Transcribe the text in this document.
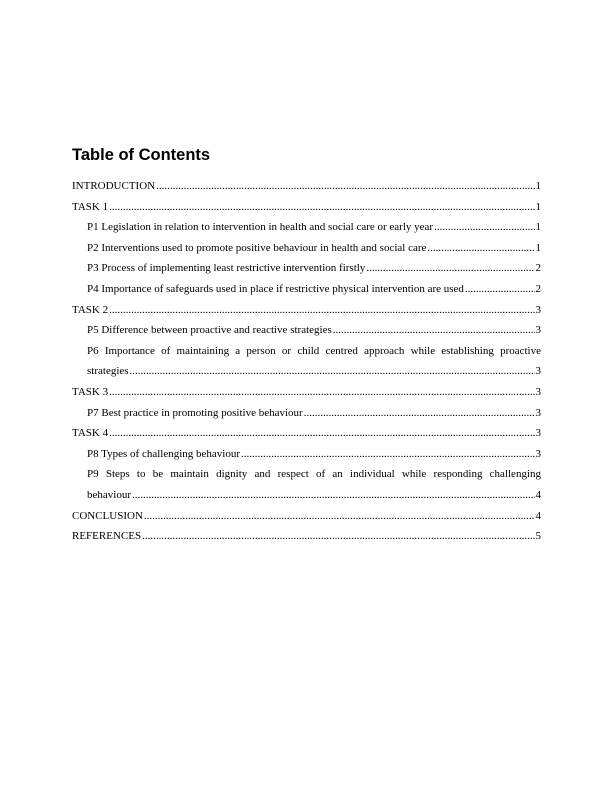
Table of Contents
INTRODUCTION .....	1
TASK 1 .....	1
P1 Legislation in relation to intervention in health and social care or early year .....	1
P2 Interventions used to promote positive behaviour in health and social care .....	1
P3 Process of implementing least restrictive intervention firstly .....	2
P4 Importance of safeguards used in place if restrictive physical intervention are used .....	2
TASK 2 .....	3
P5 Difference between proactive and reactive strategies .....	3
P6 Importance of maintaining a person or child centred approach while establishing proactive
strategies .....	3
TASK 3 .....	3
P7 Best practice in promoting positive behaviour .....	3
TASK 4 .....	3
P8 Types of challenging behaviour .....	3
P9 Steps to be maintain dignity and respect of an individual while responding challenging
behaviour .....	4
CONCLUSION .....	4
REFERENCES .....	5
